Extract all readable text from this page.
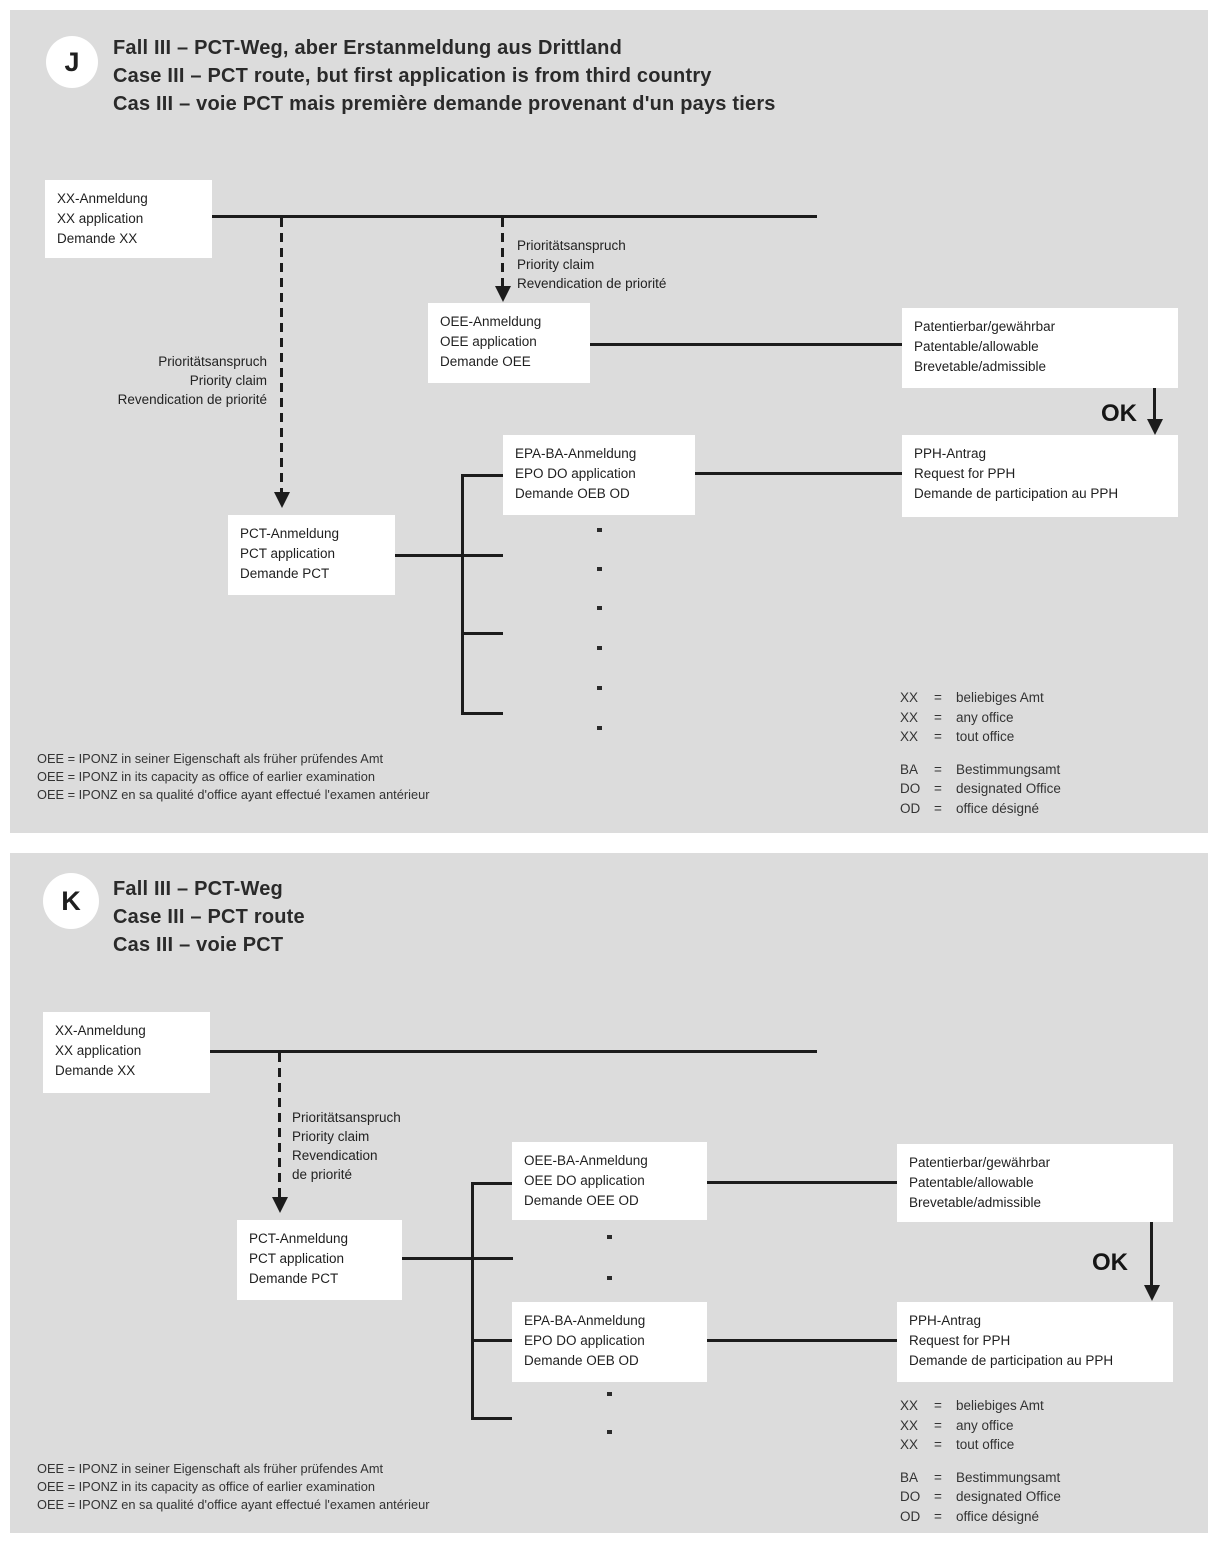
J Fall III – PCT-Weg, aber Erstanmeldung aus Drittland
Case III – PCT route, but first application is from third country
Cas III – voie PCT mais première demande provenant d'un pays tiers
OK
XX-Anmeldung
XX application
Demande XX
OEE-Anmeldung
OEE application
Demande OEE
Patentierbar/gewährbar
Patentable/allowable
Brevetable/admissible
EPA-BA-Anmeldung
EPO DO application
Demande OEB OD
PCT-Anmeldung
PCT application
Demande PCT
PPH-Antrag
Request for PPH
Demande de participation au PPH
Prioritätsanspruch
Priority claim
Revendication de priorité
Prioritätsanspruch
Priority claim
Revendication de priorité
XX	=	beliebiges Amt
XX	=	any office
XX	=	tout office
BA	=	Bestimmungsamt
DO	=	designated Office
OD	=	office désigné
OEE = IPONZ in seiner Eigenschaft als früher prüfendes Amt
OEE = IPONZ in its capacity as office of earlier examination
OEE = IPONZ en sa qualité d'office ayant effectué l'examen antérieur
K Fall III – PCT-Weg
Case III – PCT route
Cas III – voie PCT
OK
XX-Anmeldung
XX application
Demande XX
OEE-BA-Anmeldung
OEE DO application
Demande OEE OD
PCT-Anmeldung
PCT application
Demande PCT
EPA-BA-Anmeldung
EPO DO application
Demande OEB OD
Patentierbar/gewährbar
Patentable/allowable
Brevetable/admissible
PPH-Antrag
Request for PPH
Demande de participation au PPH
Prioritätsanspruch
Priority claim
Revendication
de priorité
XX	=	beliebiges Amt
XX	=	any office
XX	=	tout office
BA	=	Bestimmungsamt
DO	=	designated Office
OD	=	office désigné
OEE = IPONZ in seiner Eigenschaft als früher prüfendes Amt
OEE = IPONZ in its capacity as office of earlier examination
OEE = IPONZ en sa qualité d'office ayant effectué l'examen antérieur
